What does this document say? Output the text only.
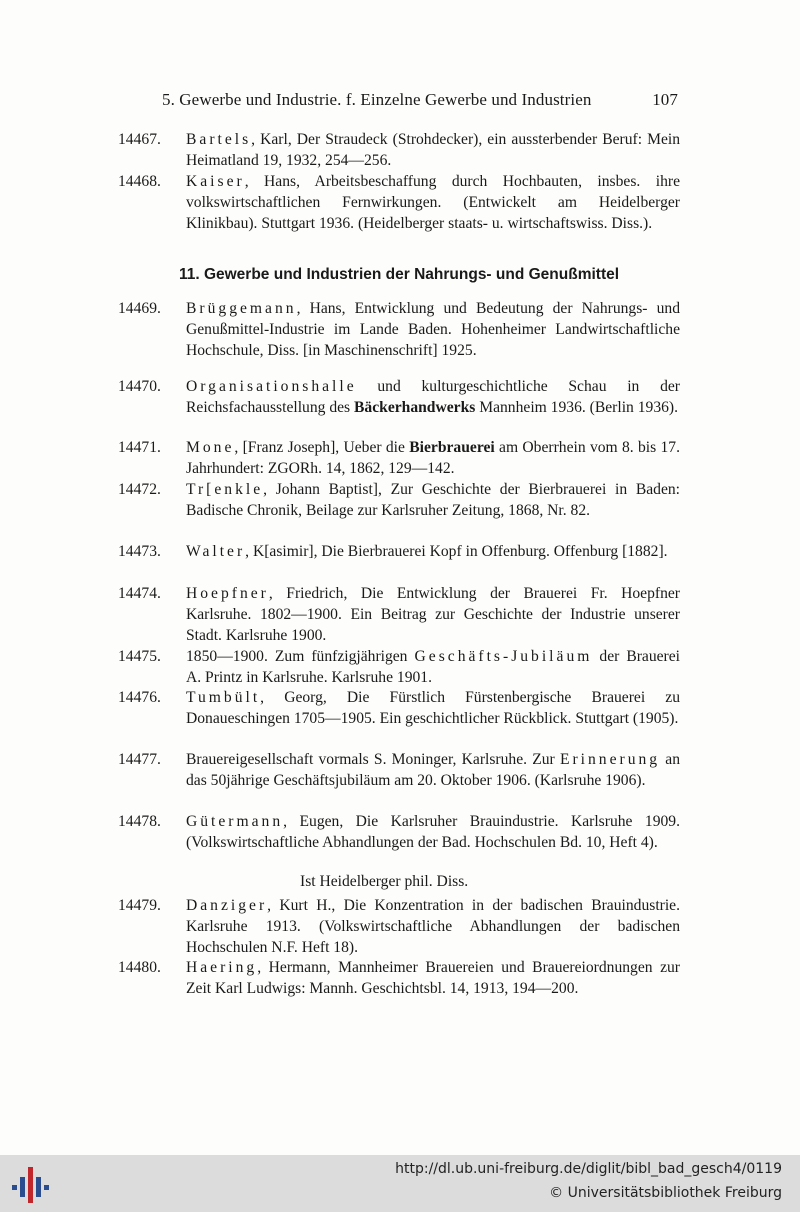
5. Gewerbe und Industrie. f. Einzelne Gewerbe und Industrien	107
14467.	Bartels, Karl, Der Straudeck (Strohdecker), ein aussterbender Beruf: Mein Heimatland 19, 1932, 254—256.
14468.	Kaiser, Hans, Arbeitsbeschaffung durch Hochbauten, insbes. ihre volkswirtschaftlichen Fernwirkungen. (Entwickelt am Heidelberger Klinikbau). Stuttgart 1936. (Heidelberger staats- u. wirtschaftswiss. Diss.).
11. Gewerbe und Industrien der Nahrungs- und Genußmittel
14469.	Brüggemann, Hans, Entwicklung und Bedeutung der Nahrungs- und Genußmittel-Industrie im Lande Baden. Hohenheimer Landwirtschaftliche Hochschule, Diss. [in Maschinenschrift] 1925.
14470.	Organisationshalle und kulturgeschichtliche Schau in der Reichsfachausstellung des Bäckerhandwerks Mannheim 1936. (Berlin 1936).
14471.	Mone, [Franz Joseph], Ueber die Bierbrauerei am Oberrhein vom 8. bis 17. Jahrhundert: ZGORh. 14, 1862, 129—142.
14472.	Tr[enkle, Johann Baptist], Zur Geschichte der Bierbrauerei in Baden: Badische Chronik, Beilage zur Karlsruher Zeitung, 1868, Nr. 82.
14473.	Walter, K[asimir], Die Bierbrauerei Kopf in Offenburg. Offenburg [1882].
14474.	Hoepfner, Friedrich, Die Entwicklung der Brauerei Fr. Hoepfner Karlsruhe. 1802—1900. Ein Beitrag zur Geschichte der Industrie unserer Stadt. Karlsruhe 1900.
14475.	1850—1900. Zum fünfzigjährigen Geschäfts-Jubiläum der Brauerei A. Printz in Karlsruhe. Karlsruhe 1901.
14476.	Tumbült, Georg, Die Fürstlich Fürstenbergische Brauerei zu Donaueschingen 1705—1905. Ein geschichtlicher Rückblick. Stuttgart (1905).
14477.	Brauereigesellschaft vormals S. Moninger, Karlsruhe. Zur Erinnerung an das 50jährige Geschäftsjubiläum am 20. Oktober 1906. (Karlsruhe 1906).
14478.	Gütermann, Eugen, Die Karlsruher Brauindustrie. Karlsruhe 1909. (Volkswirtschaftliche Abhandlungen der Bad. Hochschulen Bd. 10, Heft 4).
Ist Heidelberger phil. Diss.
14479.	Danziger, Kurt H., Die Konzentration in der badischen Brauindustrie. Karlsruhe 1913. (Volkswirtschaftliche Abhandlungen der badischen Hochschulen N.F. Heft 18).
14480.	Haering, Hermann, Mannheimer Brauereien und Brauereiordnungen zur Zeit Karl Ludwigs: Mannh. Geschichtsbl. 14, 1913, 194—200.
http://dl.ub.uni-freiburg.de/diglit/bibl_bad_gesch4/0119
© Universitätsbibliothek Freiburg
